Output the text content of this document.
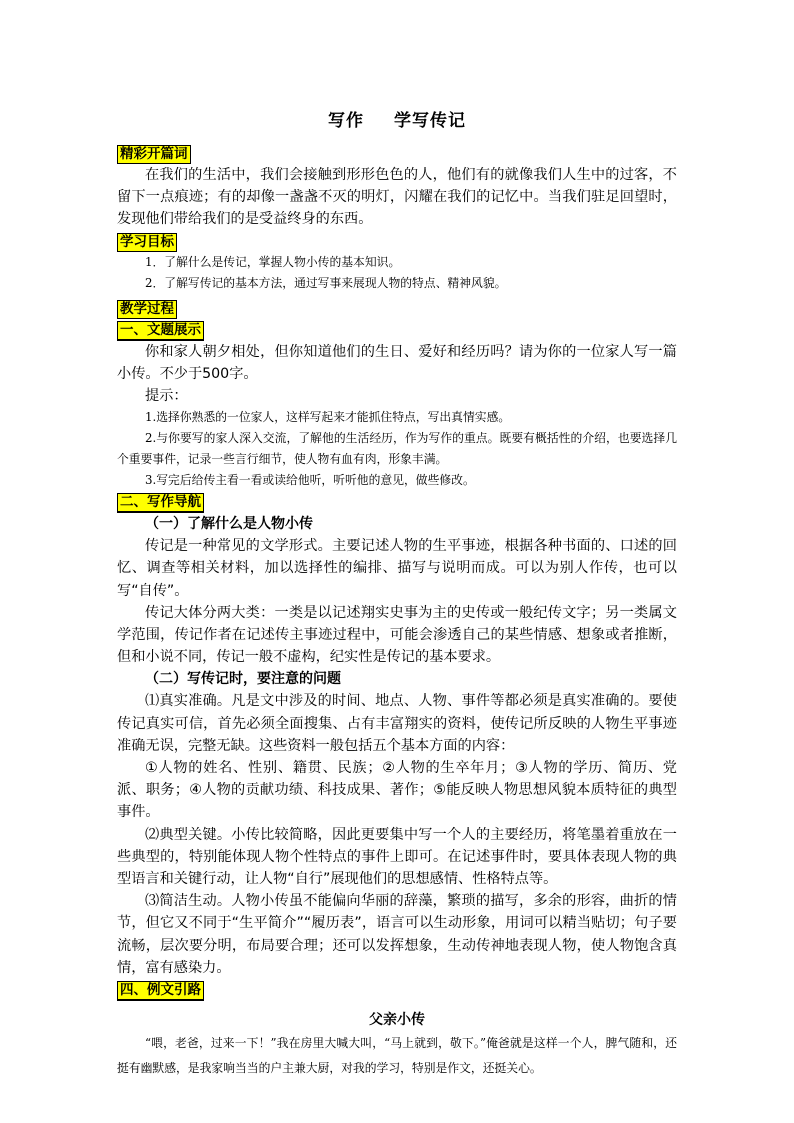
写作 学写传记
精彩开篇词

在我们的生活中，我们会接触到形形色色的人，他们有的就像我们人生中的过客，不留下一点痕迹；有的却像一盏盏不灭的明灯，闪耀在我们的记忆中。当我们驻足回望时，发现他们带给我们的是受益终身的东西。

学习目标

1．了解什么是传记，掌握人物小传的基本知识。

2．了解写传记的基本方法，通过写事来展现人物的特点、精神风貌。

教学过程
一、文题展示

你和家人朝夕相处，但你知道他们的生日、爱好和经历吗？请为你的一位家人写一篇小传。不少于500字。

提示：

1.选择你熟悉的一位家人，这样写起来才能抓住特点，写出真情实感。

2.与你要写的家人深入交流，了解他的生活经历，作为写作的重点。既要有概括性的介绍，也要选择几个重要事件，记录一些言行细节，使人物有血有肉，形象丰满。

3.写完后给传主看一看或读给他听，听听他的意见，做些修改。

二、写作导航

（一）了解什么是人物小传

传记是一种常见的文学形式。主要记述人物的生平事迹，根据各种书面的、口述的回忆、调查等相关材料，加以选择性的编排、描写与说明而成。可以为别人作传，也可以写“自传”。

传记大体分两大类：一类是以记述翔实史事为主的史传或一般纪传文字；另一类属文学范围，传记作者在记述传主事迹过程中，可能会渗透自己的某些情感、想象或者推断，但和小说不同，传记一般不虚构，纪实性是传记的基本要求。

（二）写传记时，要注意的问题

⑴真实准确。凡是文中涉及的时间、地点、人物、事件等都必须是真实准确的。要使传记真实可信，首先必须全面搜集、占有丰富翔实的资料，使传记所反映的人物生平事迹准确无误，完整无缺。这些资料一般包括五个基本方面的内容：

①人物的姓名、性别、籍贯、民族；②人物的生卒年月；③人物的学历、简历、党派、职务；④人物的贡献功绩、科技成果、著作；⑤能反映人物思想风貌本质特征的典型事件。

⑵典型关键。小传比较简略，因此更要集中写一个人的主要经历，将笔墨着重放在一些典型的，特别能体现人物个性特点的事件上即可。在记述事件时，要具体表现人物的典型语言和关键行动，让人物“自行”展现他们的思想感情、性格特点等。

⑶简洁生动。人物小传虽不能偏向华丽的辞藻，繁琐的描写，多余的形容，曲折的情节，但它又不同于“生平简介”“履历表”，语言可以生动形象，用词可以精当贴切；句子要流畅，层次要分明，布局要合理；还可以发挥想象，生动传神地表现人物，使人物饱含真情，富有感染力。

四、例文引路

父亲小传

“喂，老爸，过来一下！”我在房里大喊大叫，“马上就到，敬下。”俺爸就是这样一个人，脾气随和，还挺有幽默感，是我家响当当的户主兼大厨，对我的学习，特别是作文，还挺关心。
